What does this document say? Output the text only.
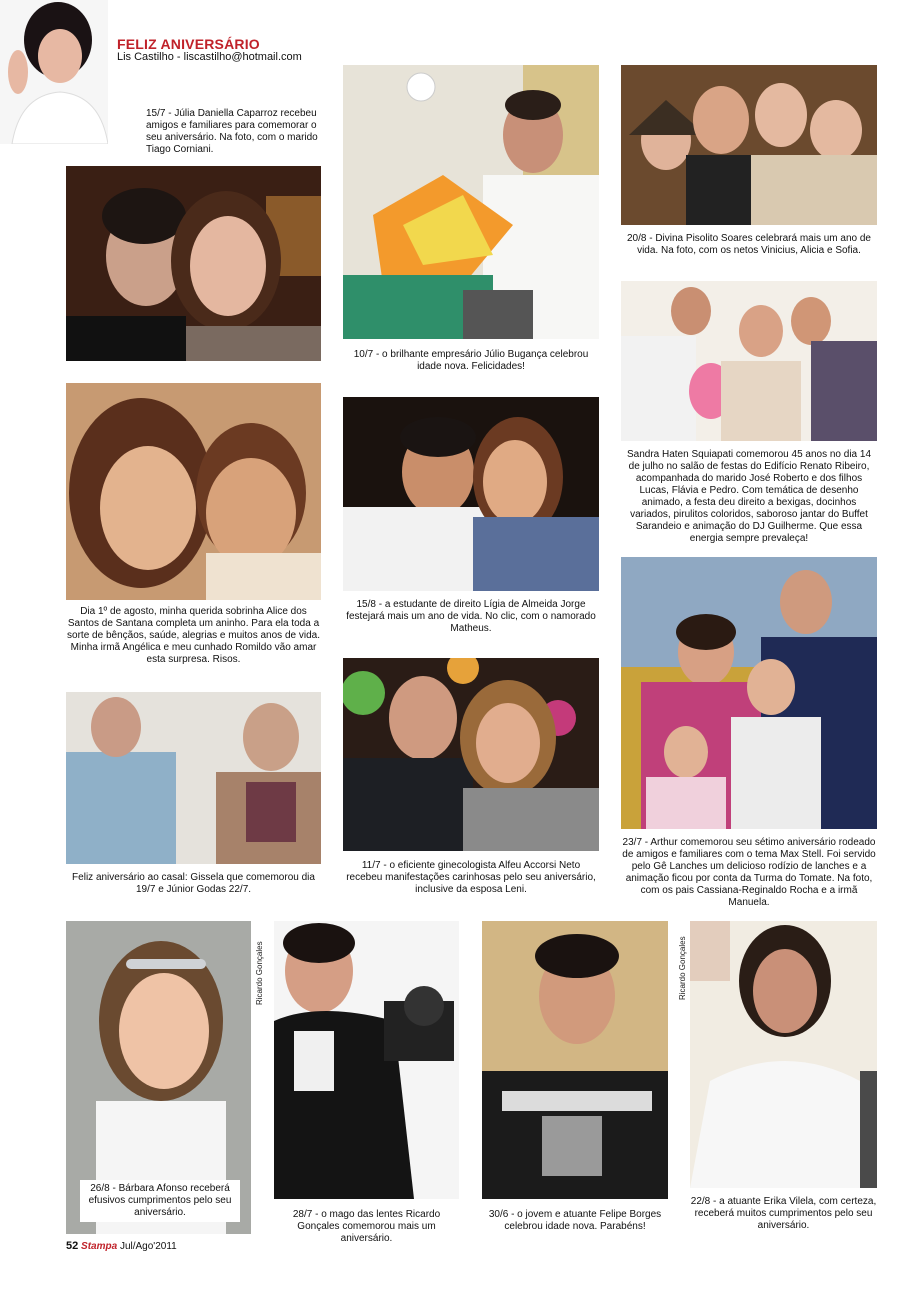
FELIZ ANIVERSÁRIO
Lis Castilho - liscastilho@hotmail.com
15/7 - Júlia Daniella Caparroz recebeu amigos e familiares para comemorar o seu aniversário. Na foto, com o marido Tiago Corniani.
Dia 1º de agosto, minha querida sobrinha Alice dos Santos de Santana completa um aninho. Para ela toda a sorte de bênçãos, saúde, alegrias e muitos anos de vida. Minha irmã Angélica e meu cunhado Romildo vão amar esta surpresa. Risos.
Feliz aniversário ao casal: Gissela que comemorou dia 19/7 e Júnior Godas 22/7.
10/7 - o brilhante empresário Júlio Bugança celebrou idade nova. Felicidades!
15/8 - a estudante de direito Lígia de Almeida Jorge festejará mais um ano de vida. No clic, com o namorado Matheus.
11/7 - o eficiente ginecologista Alfeu Accorsi Neto recebeu manifestações carinhosas pelo seu aniversário, inclusive da esposa Leni.
20/8 - Divina Pisolito Soares celebrará mais um ano de vida. Na foto, com os netos Vinicius, Alicia e Sofia.
Sandra Haten Squiapati comemorou 45 anos no dia 14 de julho no salão de festas do Edifício Renato Ribeiro, acompanhada do marido José Roberto e dos filhos Lucas, Flávia e Pedro. Com temática de desenho animado, a festa deu direito a bexigas, docinhos variados, pirulitos coloridos, saboroso jantar do Buffet Sarandeio e animação do DJ Guilherme. Que essa energia sempre prevaleça!
23/7 - Arthur comemorou seu sétimo aniversário rodeado de amigos e familiares com o tema Max Stell. Foi servido pelo Gê Lanches um delicioso rodízio de lanches e a animação ficou por conta da Turma do Tomate. Na foto, com os pais Cassiana-Reginaldo Rocha e a irmã Manuela.
26/8 - Bárbara Afonso receberá efusivos cumprimentos pelo seu aniversário.
Ricardo Gonçales
28/7 - o mago das lentes Ricardo Gonçales comemorou mais um aniversário.
30/6 - o jovem e atuante Felipe Borges celebrou idade nova. Parabéns!
Ricardo Gonçales
22/8 - a atuante Erika Vilela, com certeza, receberá muitos cumprimentos pelo seu aniversário.
52 Stampa Jul/Ago'2011
